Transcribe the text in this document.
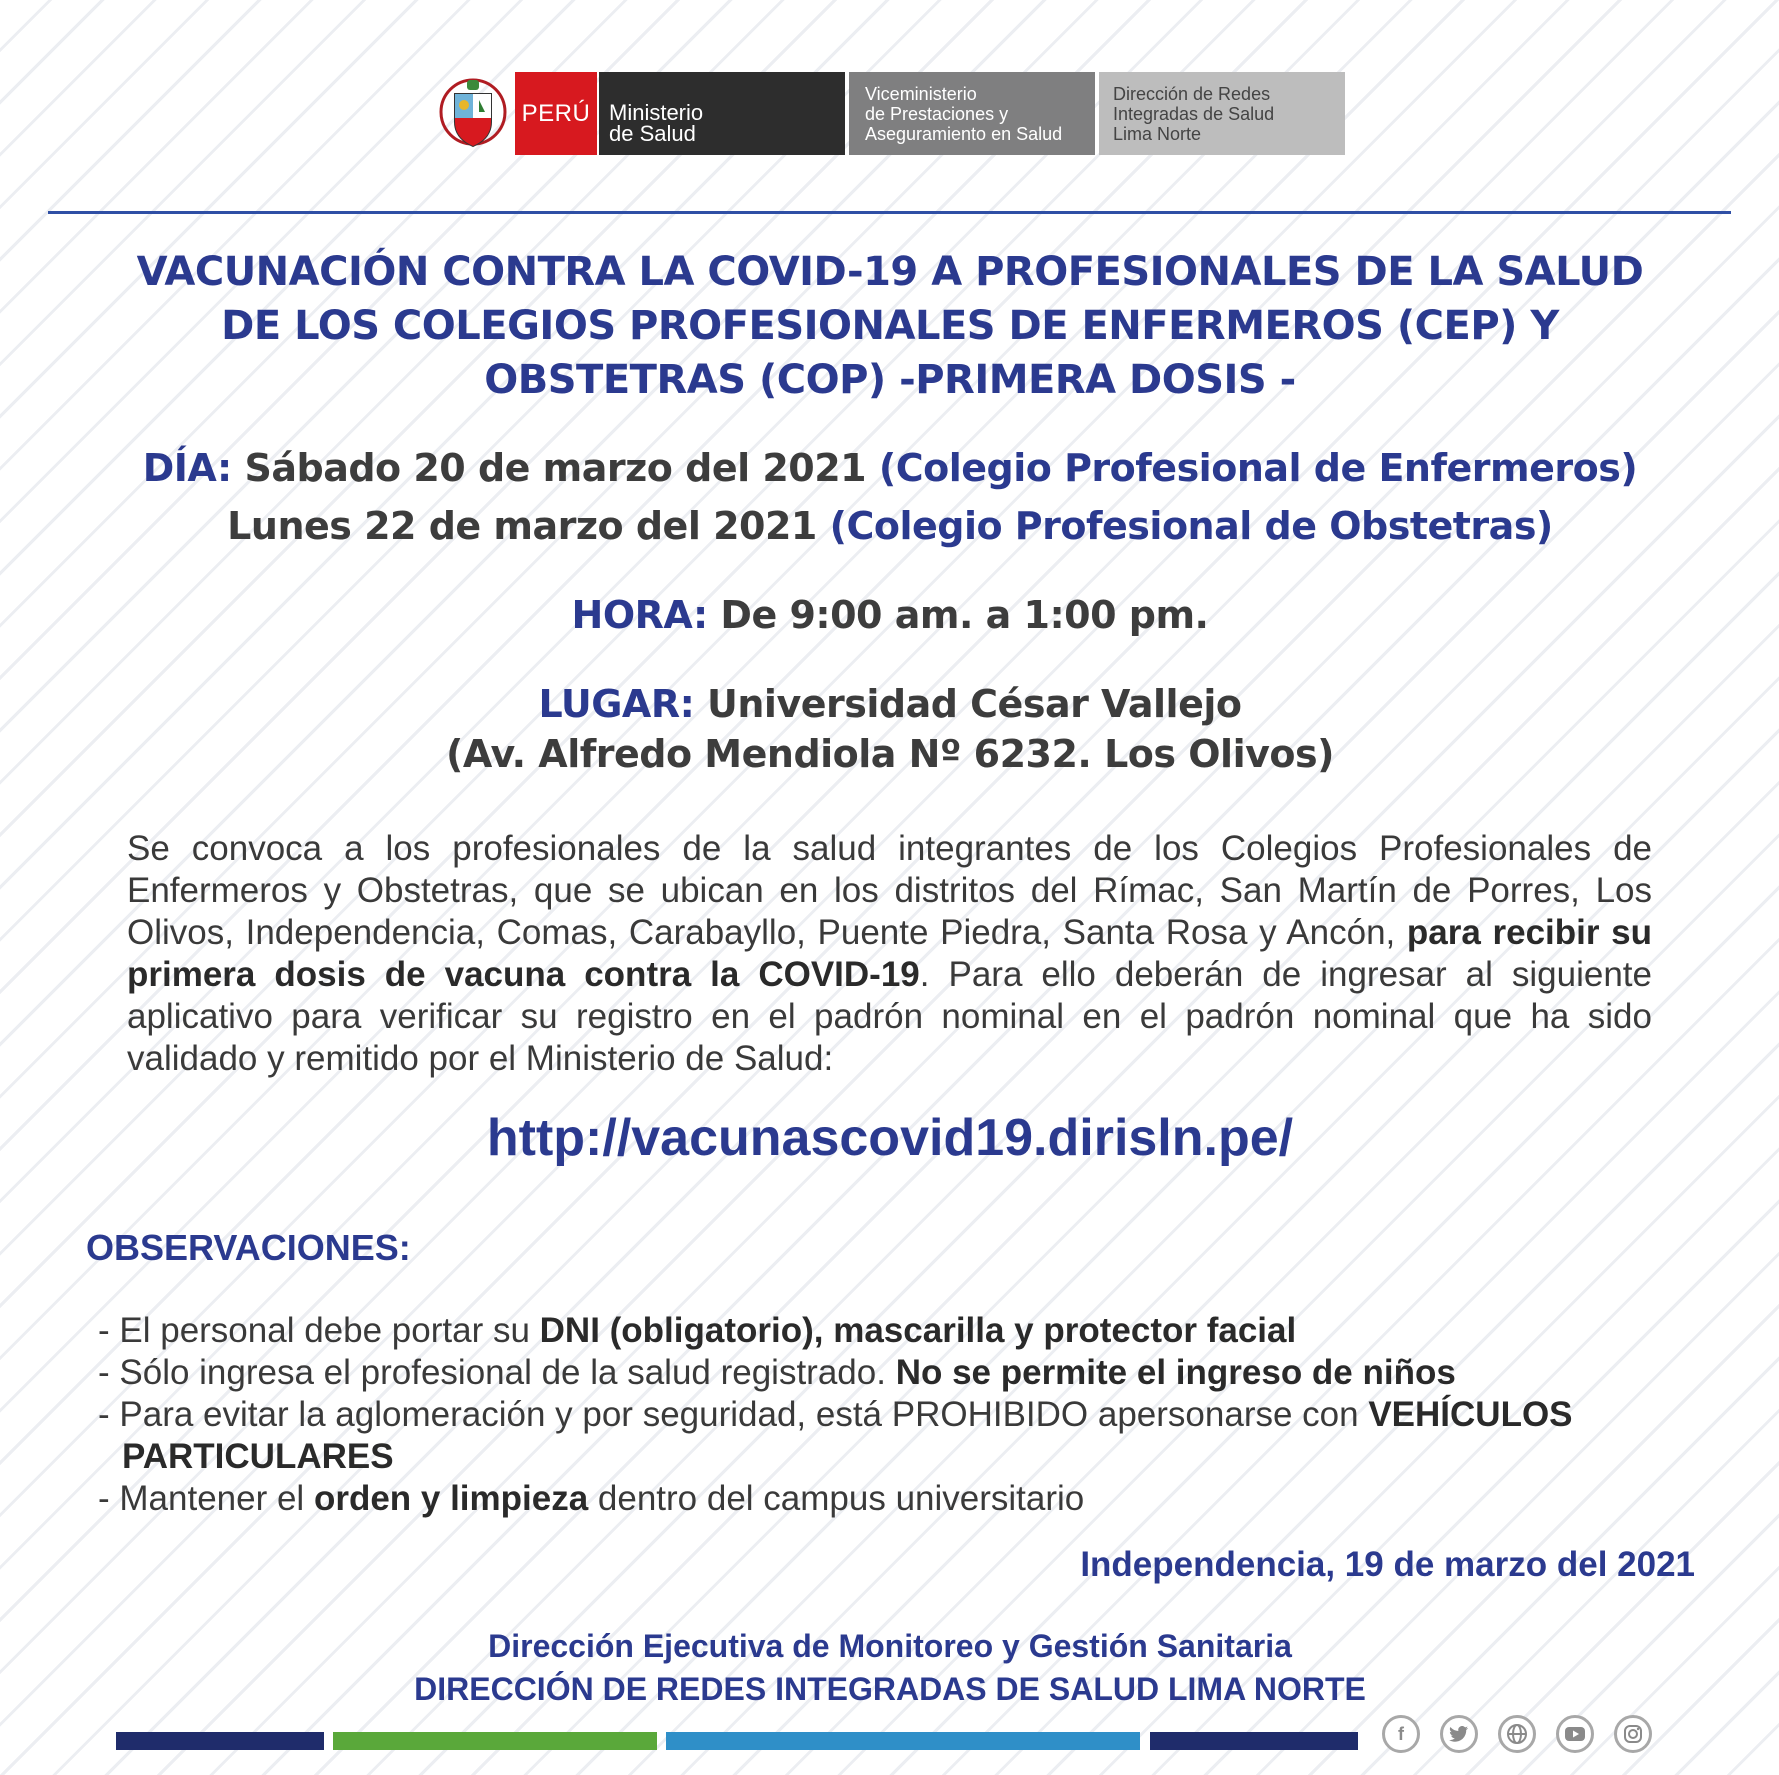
PERÚ Ministerio
de Salud
Viceministerio
de Prestaciones y
Aseguramiento en Salud
Dirección de Redes
Integradas de Salud
Lima Norte
VACUNACIÓN CONTRA LA COVID-19 A PROFESIONALES DE LA SALUD
DE LOS COLEGIOS PROFESIONALES DE ENFERMEROS (CEP) Y
OBSTETRAS (COP) -PRIMERA DOSIS -
DÍA: Sábado 20 de marzo del 2021 (Colegio Profesional de Enfermeros)
Lunes 22 de marzo del 2021 (Colegio Profesional de Obstetras)
HORA: De 9:00 am. a 1:00 pm.
LUGAR: Universidad César Vallejo
(Av. Alfredo Mendiola Nº 6232. Los Olivos)
Se convoca a los profesionales de la salud integrantes de los Colegios Profesionales de Enfermeros y Obstetras, que se ubican en los distritos del Rímac, San Martín de Porres, Los Olivos, Independencia, Comas, Carabayllo, Puente Piedra, Santa Rosa y Ancón, para recibir su primera dosis de vacuna contra la COVID-19. Para ello deberán de ingresar al siguiente aplicativo para verificar su registro en el padrón nominal en el padrón nominal que ha sido validado y remitido por el Ministerio de Salud:
http://vacunascovid19.dirisln.pe/
OBSERVACIONES:
- El personal debe portar su DNI (obligatorio), mascarilla y protector facial
- Sólo ingresa el profesional de la salud registrado. No se permite el ingreso de niños
- Para evitar la aglomeración y por seguridad, está PROHIBIDO apersonarse con VEHÍCULOS PARTICULARES
- Mantener el orden y limpieza dentro del campus universitario
Independencia, 19 de marzo del 2021
Dirección Ejecutiva de Monitoreo y Gestión Sanitaria
DIRECCIÓN DE REDES INTEGRADAS DE SALUD LIMA NORTE
f
